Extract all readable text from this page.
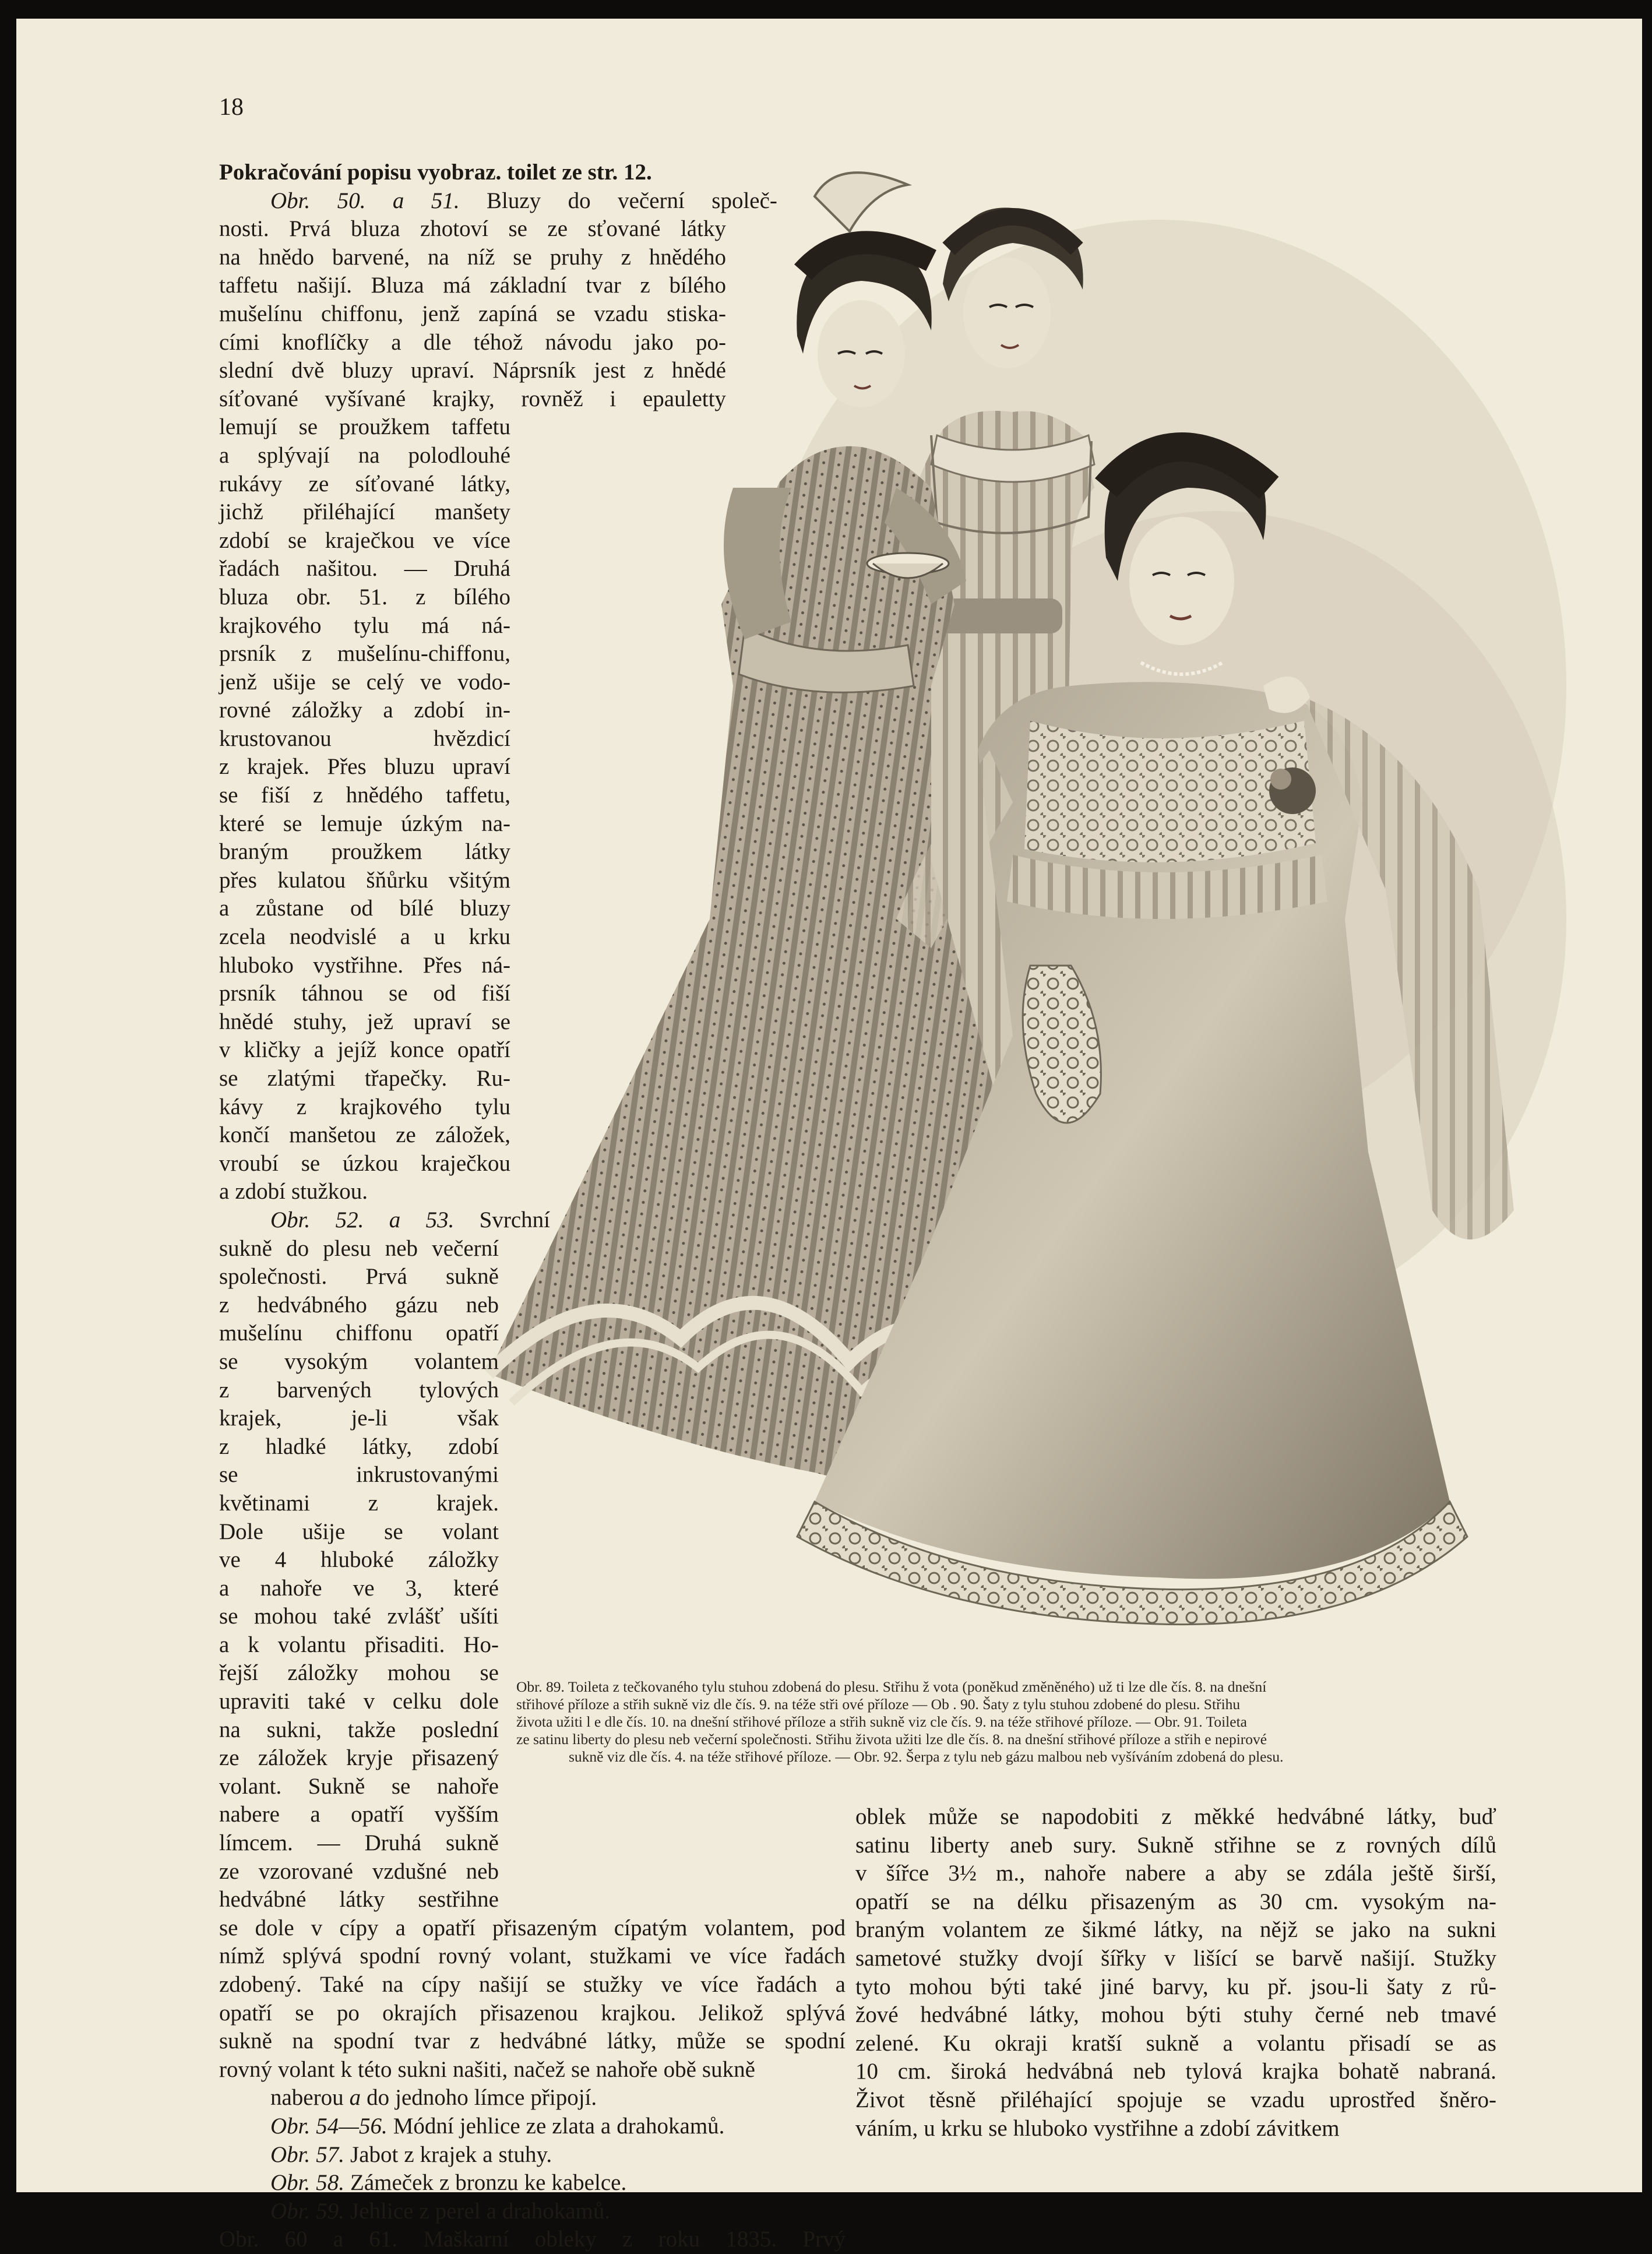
18
Pokračování popisu vyobraz. toilet ze str. 12.
Obr. 50. a 51. Bluzy do večerní společ-
nosti. Prvá bluza zhotoví se ze sťované látky
na hnědo barvené, na níž se pruhy z hnědého
taffetu našijí. Bluza má základní tvar z bílého
mušelínu chiffonu, jenž zapíná se vzadu stiska-
cími knoflíčky a dle téhož návodu jako po-
slední dvě bluzy upraví. Náprsník jest z hnědé
síťované vyšívané krajky, rovněž i epauletty
lemují se proužkem taffetu
a splývají na polodlouhé
rukávy ze síťované látky,
jichž přiléhající manšety
zdobí se kraječkou ve více
řadách našitou. — Druhá
bluza obr. 51. z bílého
krajkového tylu má ná-
prsník z mušelínu-chiffonu,
jenž ušije se celý ve vodo-
rovné záložky a zdobí in-
krustovanou	hvězdicí
z krajek. Přes bluzu upraví
se fiší z hnědého taffetu,
které se lemuje úzkým na-
braným proužkem látky
přes kulatou šňůrku všitým
a zůstane od bílé bluzy
zcela neodvislé a u krku
hluboko vystřihne. Přes ná-
prsník táhnou se od fiší
hnědé stuhy, jež upraví se
v kličky a jejíž konce opatří
se zlatými třapečky. Ru-
kávy z krajkového tylu
končí manšetou ze záložek,
vroubí se úzkou kraječkou
a zdobí stužkou.
Obr. 52. a 53. Svrchní
sukně do plesu neb večerní
společnosti. Prvá sukně
z hedvábného gázu neb
mušelínu chiffonu opatří
se vysokým volantem
z barvených tylových
krajek,	je-li	však
z hladké látky, zdobí
se	inkrustovanými
květinami	z	krajek.
Dole ušije se volant
ve 4 hluboké záložky
a nahoře ve 3, které
se mohou také zvlášť ušíti
a k volantu přisaditi. Ho-
řejší záložky mohou se
upraviti také v celku dole
na sukni, takže poslední
ze záložek kryje přisazený
volant. Sukně se nahoře
nabere a opatří vyšším
límcem. — Druhá sukně
ze vzorované vzdušné neb
hedvábné látky sestřihne
se dole v cípy a opatří přisazeným cípatým volantem, pod
nímž splývá spodní rovný volant, stužkami ve více řadách
zdobený. Také na cípy našijí se stužky ve více řadách a
opatří se po okrajích přisazenou krajkou. Jelikož splývá
sukně na spodní tvar z hedvábné látky, může se spodní
rovný volant k této sukni našiti, načež se nahoře obě sukně
naberou a do jednoho límce připojí.
Obr. 54—56. Módní jehlice ze zlata a drahokamů.
Obr. 57. Jabot z krajek a stuhy.
Obr. 58. Zámeček z bronzu ke kabelce.
Obr. 59. Jehlice z perel a drahokamů.
Obr. 60 a 61. Maškarní obleky z roku 1835. Prvý
oblek může se napodobiti z měkké hedvábné látky, buď
satinu liberty aneb sury. Sukně střihne se z rovných dílů
v šířce 3½ m., nahoře nabere a aby se zdála ještě širší,
opatří se na délku přisazeným as 30 cm. vysokým na-
braným volantem ze šikmé látky, na nějž se jako na sukni
sametové stužky dvojí šířky v lišící se barvě našijí. Stužky
tyto mohou býti také jiné barvy, ku př. jsou-li šaty z rů-
žové hedvábné látky, mohou býti stuhy černé neb tmavé
zelené. Ku okraji kratší sukně a volantu přisadí se as
10 cm. široká hedvábná neb tylová krajka bohatě nabraná.
Život těsně přiléhající spojuje se vzadu uprostřed šněro-
váním, u krku se hluboko vystřihne a zdobí závitkem
Obr. 89. Toileta z tečkovaného tylu stuhou zdobená do plesu. Střihu ž vota (poněkud změněného) už ti lze dle čís. 8. na dnešní
střihové příloze a střih sukně viz dle čís. 9. na téže stři ové příloze — Ob . 90. Šaty z tylu stuhou zdobené do plesu. Střihu
života užiti l e dle čís. 10. na dnešní střihové příloze a střih sukně viz cle čís. 9. na téže střihové příloze. — Obr. 91. Toileta
ze satinu liberty do plesu neb večerní společnosti. Střihu života užiti lze dle čís. 8. na dnešní střihové příloze a střih e nepirové
sukně viz dle čís. 4. na téže střihové příloze. — Obr. 92. Šerpa z tylu neb gázu malbou neb vyšíváním zdobená do plesu.
